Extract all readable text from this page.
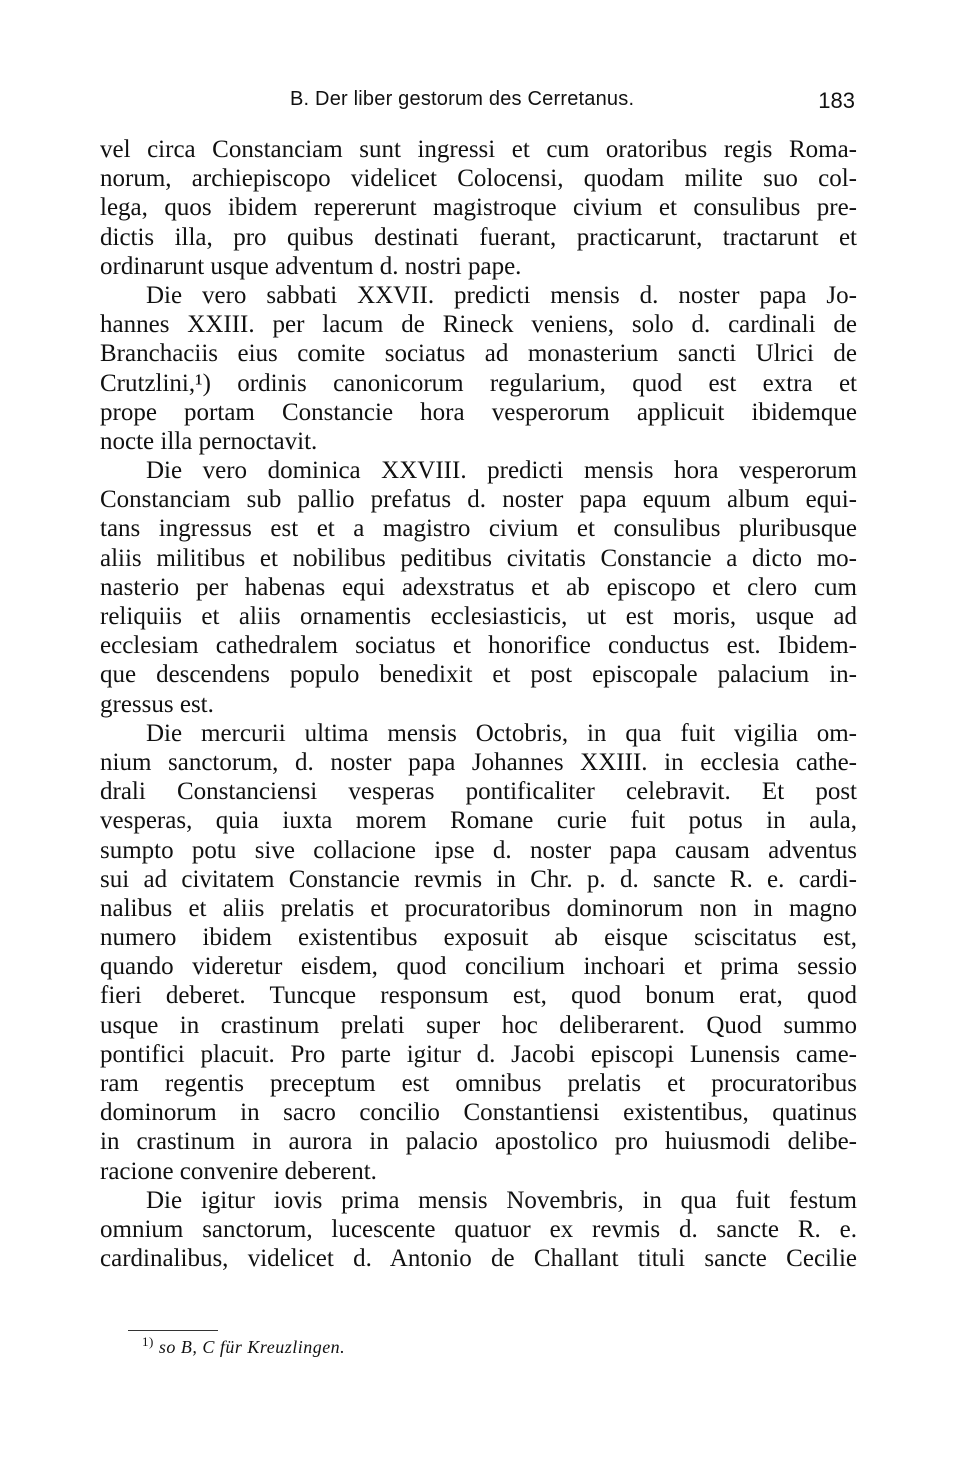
B. Der liber gestorum des Cerretanus.	183
vel circa Constanciam sunt ingressi et cum oratoribus regis Roma-
norum, archiepiscopo videlicet Colocensi, quodam milite suo col-
lega, quos ibidem repererunt magistroque civium et consulibus pre-
dictis illa, pro quibus destinati fuerant, practicarunt, tractarunt et
ordinarunt usque adventum d. nostri pape.
Die vero sabbati XXVII. predicti mensis d. noster papa Jo-
hannes XXIII. per lacum de Rineck veniens, solo d. cardinali de
Branchaciis eius comite sociatus ad monasterium sancti Ulrici de
Crutzlini,¹) ordinis canonicorum regularium, quod est extra et
prope portam Constancie hora vesperorum applicuit ibidemque
nocte illa pernoctavit.
Die vero dominica XXVIII. predicti mensis hora vesperorum
Constanciam sub pallio prefatus d. noster papa equum album equi-
tans ingressus est et a magistro civium et consulibus pluribusque
aliis militibus et nobilibus peditibus civitatis Constancie a dicto mo-
nasterio per habenas equi adexstratus et ab episcopo et clero cum
reliquiis et aliis ornamentis ecclesiasticis, ut est moris, usque ad
ecclesiam cathedralem sociatus et honorifice conductus est. Ibidem-
que descendens populo benedixit et post episcopale palacium in-
gressus est.
Die mercurii ultima mensis Octobris, in qua fuit vigilia om-
nium sanctorum, d. noster papa Johannes XXIII. in ecclesia cathe-
drali Constanciensi vesperas pontificaliter celebravit. Et post
vesperas, quia iuxta morem Romane curie fuit potus in aula,
sumpto potu sive collacione ipse d. noster papa causam adventus
sui ad civitatem Constancie revmis in Chr. p. d. sancte R. e. cardi-
nalibus et aliis prelatis et procuratoribus dominorum non in magno
numero ibidem existentibus exposuit ab eisque sciscitatus est,
quando videretur eisdem, quod concilium inchoari et prima sessio
fieri deberet. Tuncque responsum est, quod bonum erat, quod
usque in crastinum prelati super hoc deliberarent. Quod summo
pontifici placuit. Pro parte igitur d. Jacobi episcopi Lunensis came-
ram regentis preceptum est omnibus prelatis et procuratoribus
dominorum in sacro concilio Constantiensi existentibus, quatinus
in crastinum in aurora in palacio apostolico pro huiusmodi delibe-
racione convenire deberent.
Die igitur iovis prima mensis Novembris, in qua fuit festum
omnium sanctorum, lucescente quatuor ex revmis d. sancte R. e.
cardinalibus, videlicet d. Antonio de Challant tituli sancte Cecilie
$^{1)}$ so B, C für Kreuzlingen.
